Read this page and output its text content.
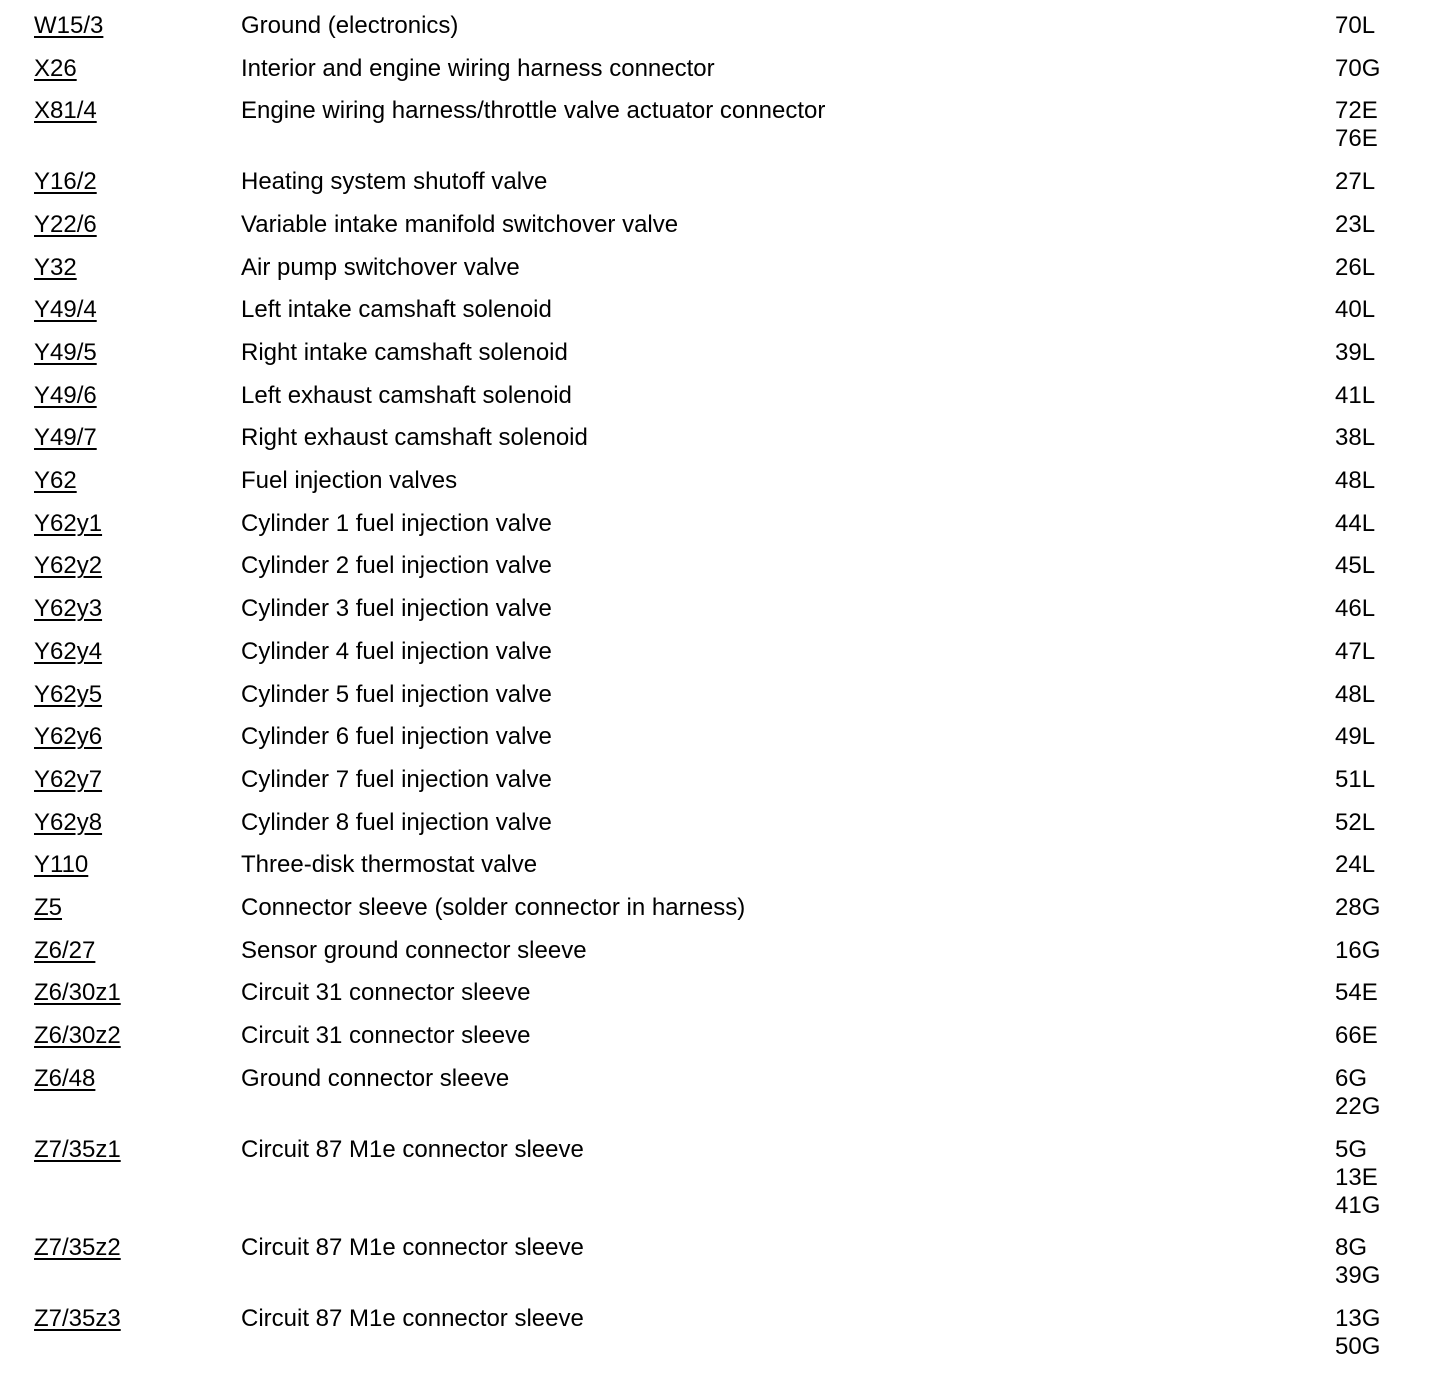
W15/3	Ground (electronics)	70L
X26	Interior and engine wiring harness connector	70G
X81/4	Engine wiring harness/throttle valve actuator connector	72E
76E
Y16/2	Heating system shutoff valve	27L
Y22/6	Variable intake manifold switchover valve	23L
Y32	Air pump switchover valve	26L
Y49/4	Left intake camshaft solenoid	40L
Y49/5	Right intake camshaft solenoid	39L
Y49/6	Left exhaust camshaft solenoid	41L
Y49/7	Right exhaust camshaft solenoid	38L
Y62	Fuel injection valves	48L
Y62y1	Cylinder 1 fuel injection valve	44L
Y62y2	Cylinder 2 fuel injection valve	45L
Y62y3	Cylinder 3 fuel injection valve	46L
Y62y4	Cylinder 4 fuel injection valve	47L
Y62y5	Cylinder 5 fuel injection valve	48L
Y62y6	Cylinder 6 fuel injection valve	49L
Y62y7	Cylinder 7 fuel injection valve	51L
Y62y8	Cylinder 8 fuel injection valve	52L
Y110	Three-disk thermostat valve	24L
Z5	Connector sleeve (solder connector in harness)	28G
Z6/27	Sensor ground connector sleeve	16G
Z6/30z1	Circuit 31 connector sleeve	54E
Z6/30z2	Circuit 31 connector sleeve	66E
Z6/48	Ground connector sleeve	6G
22G
Z7/35z1	Circuit 87 M1e connector sleeve	5G
13E
41G
Z7/35z2	Circuit 87 M1e connector sleeve	8G
39G
Z7/35z3	Circuit 87 M1e connector sleeve	13G
50G
